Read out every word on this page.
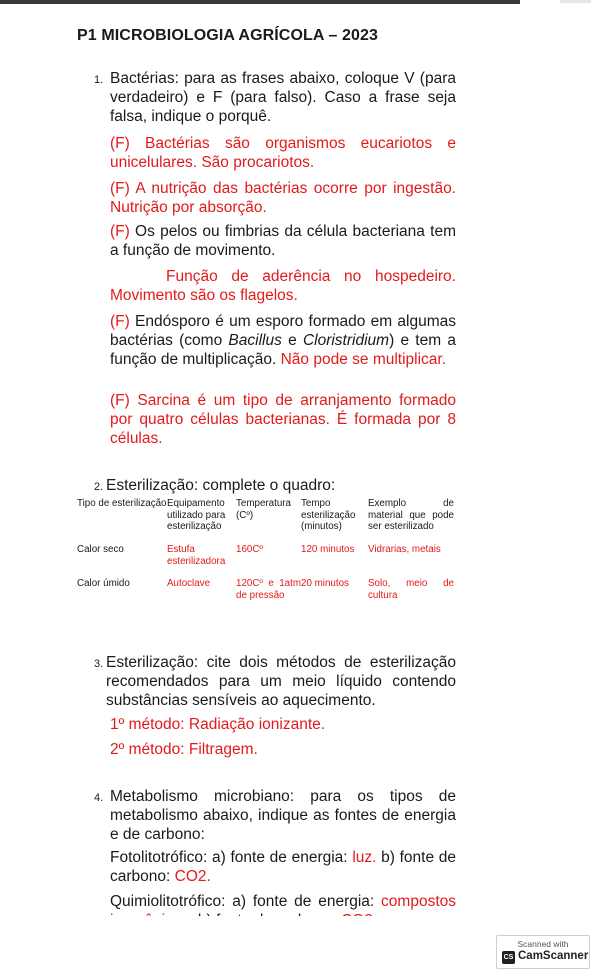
P1 MICROBIOLOGIA AGRÍCOLA – 2023
1. Bactérias: para as frases abaixo, coloque V (para verdadeiro) e F (para falso). Caso a frase seja falsa, indique o porquê.
(F) Bactérias são organismos eucariotos e unicelulares. São procariotos.
(F) A nutrição das bactérias ocorre por ingestão. Nutrição por absorção.
(F) Os pelos ou fimbrias da célula bacteriana tem a função de movimento.
Função de aderência no hospedeiro. Movimento são os flagelos.
(F) Endósporo é um esporo formado em algumas bactérias (como Bacillus e Cloristridium) e tem a função de multiplicação. Não pode se multiplicar.
(F) Sarcina é um tipo de arranjamento formado por quatro células bacterianas. É formada por 8 células.
2. Esterilização: complete o quadro:
Tipo de esterilização	Equipamento utilizado para esterilização	Temperatura (Cº)	Tempo esterilização (minutos)	Exemplo de material que pode ser esterilizado
Calor seco	Estufa esterilizadora	160Cº	120 minutos	Vidrarias, metais
Calor úmido	Autoclave	120Cº e 1atm de pressão	20 minutos	Solo, meio de cultura
3. Esterilização: cite dois métodos de esterilização recomendados para um meio líquido contendo substâncias sensíveis ao aquecimento.
1º método: Radiação ionizante.
2º método: Filtragem.
4. Metabolismo microbiano: para os tipos de metabolismo abaixo, indique as fontes de energia e de carbono:
Fotolitotrófico: a) fonte de energia: luz. b) fonte de carbono: CO2.
Quimiolitotrófico: a) fonte de energia: compostos
Scanned with
CS CamScanner
